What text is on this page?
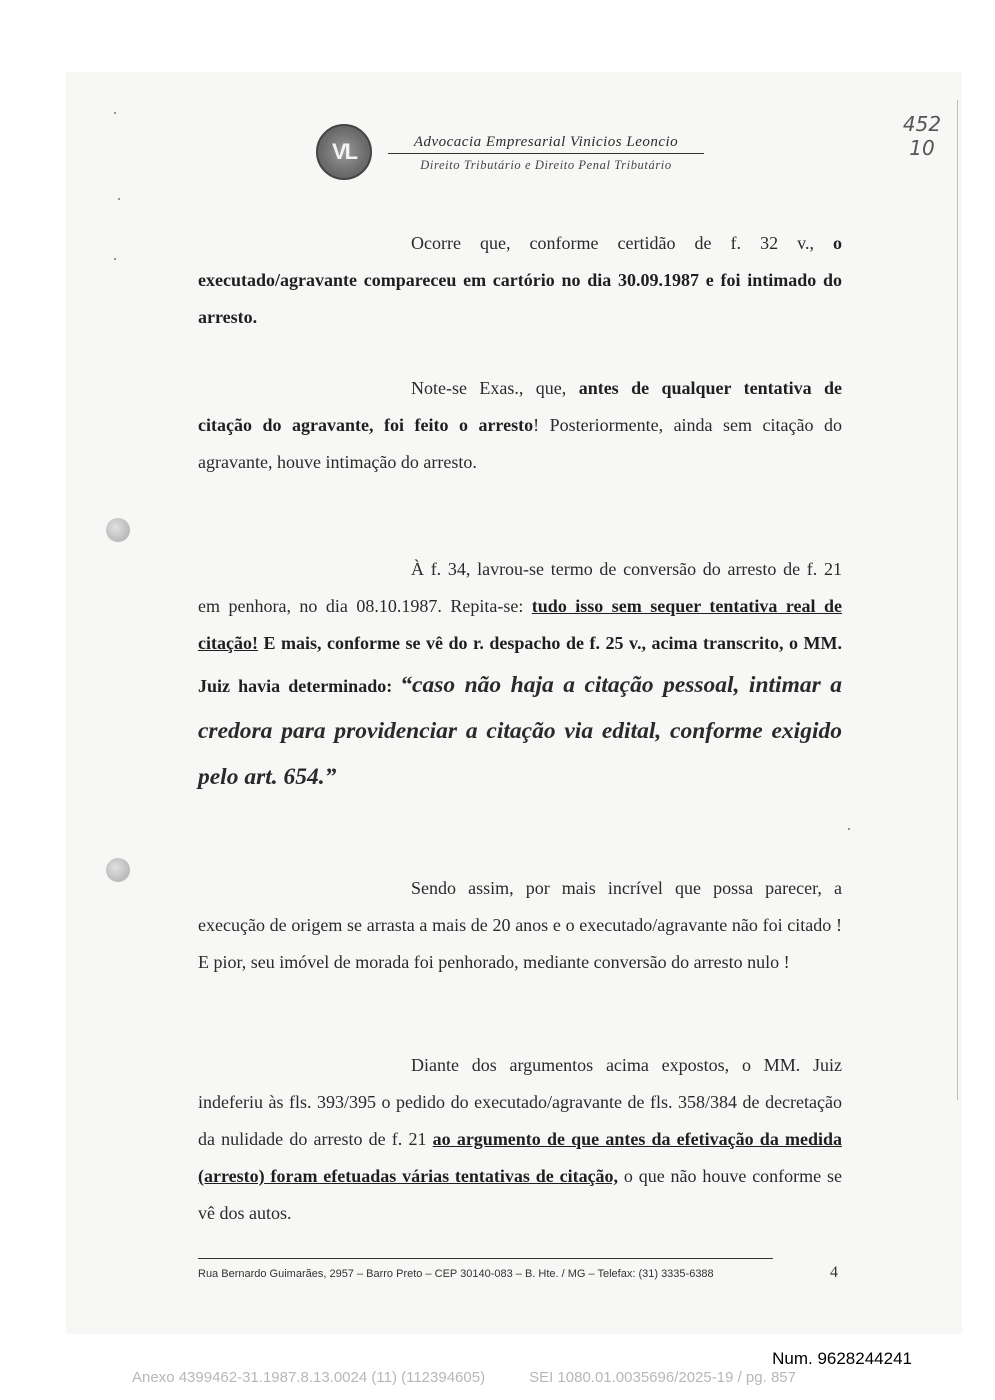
VL	Advocacia Empresarial Vinicios Leoncio
Direito Tributário e Direito Penal Tributário
452
10

Ocorre que, conforme certidão de f. 32 v., o executado/agravante compareceu em cartório no dia 30.09.1987 e foi intimado do arresto.

Note-se Exas., que, antes de qualquer tentativa de citação do agravante, foi feito o arresto! Posteriormente, ainda sem citação do agravante, houve intimação do arresto.

À f. 34, lavrou-se termo de conversão do arresto de f. 21 em penhora, no dia 08.10.1987. Repita-se: tudo isso sem sequer tentativa real de citação! E mais, conforme se vê do r. despacho de f. 25 v., acima transcrito, o MM. Juiz havia determinado: “caso não haja a citação pessoal, intimar a credora para providenciar a citação via edital, conforme exigido pelo art. 654.”

Sendo assim, por mais incrível que possa parecer, a execução de origem se arrasta a mais de 20 anos e o executado/agravante não foi citado ! E pior, seu imóvel de morada foi penhorado, mediante conversão do arresto nulo !

Diante dos argumentos acima expostos, o MM. Juiz indeferiu às fls. 393/395 o pedido do executado/agravante de fls. 358/384 de decretação da nulidade do arresto de f. 21 ao argumento de que antes da efetivação da medida (arresto) foram efetuadas várias tentativas de citação, o que não houve conforme se vê dos autos.

Rua Bernardo Guimarães, 2957 – Barro Preto – CEP 30140-083 – B. Hte. / MG – Telefax: (31) 3335-6388	4
Num. 9628244241
Anexo 4399462-31.1987.8.13.0024 (11) (112394605)	SEI 1080.01.0035696/2025-19 / pg. 857
